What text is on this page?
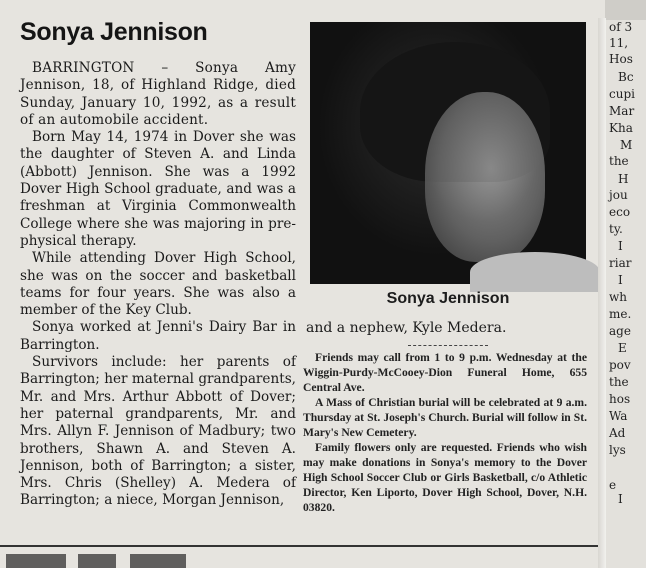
Sonya Jennison

BARRINGTON – Sonya Amy Jennison, 18, of Highland Ridge, died Sunday, January 10, 1992, as a result of an automobile accident.

Born May 14, 1974 in Dover she was the daughter of Steven A. and Linda (Abbott) Jennison. She was a 1992 Dover High School graduate, and was a freshman at Virginia Commonwealth College where she was majoring in pre-physical therapy.

While attending Dover High School, she was on the soccer and basketball teams for four years. She was also a member of the Key Club.

Sonya worked at Jenni's Dairy Bar in Barrington.

Survivors include: her parents of Barrington; her maternal grandparents, Mr. and Mrs. Arthur Abbott of Dover; her paternal grandparents, Mr. and Mrs. Allyn F. Jennison of Madbury; two brothers, Shawn A. and Steven A. Jennison, both of Barrington; a sister, Mrs. Chris (Shelley) A. Medera of Barrington; a niece, Morgan Jennison,

Sonya Jennison
and a nephew, Kyle Medera.

Friends may call from 1 to 9 p.m. Wednesday at the Wiggin-Purdy-McCooey-Dion Funeral Home, 655 Central Ave.

A Mass of Christian burial will be celebrated at 9 a.m. Thursday at St. Joseph's Church. Burial will follow in St. Mary's New Cemetery.

Family flowers only are requested. Friends who wish may make donations in Sonya's memory to the Dover High School Soccer Club or Girls Basketball, c/o Athletic Director, Ken Liporto, Dover High School, Dover, N.H. 03820.

of 3
11,
Hos
Bc
cupi
Mar
Kha
M
the
H
jou
eco
ty.
I
riar
I
wh
me.
age
E
pov
the
hos
Wa
Ad
lys
e
I
